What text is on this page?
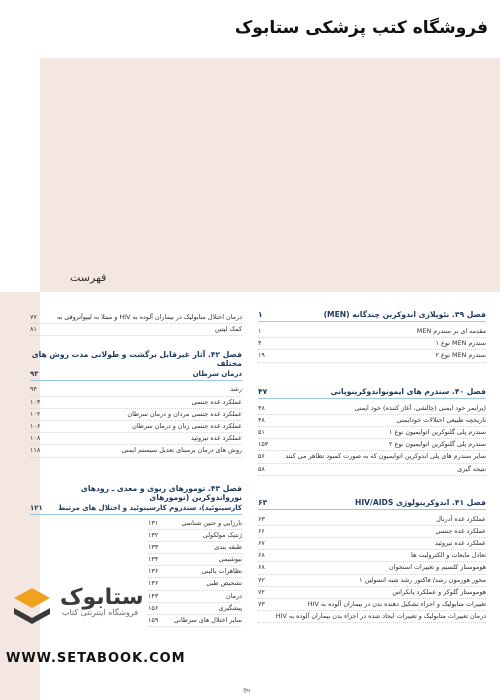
فروشگاه کتب پزشکی ستابوک
فهرست
فصل ۳۹. نئوپلازی اندوکرین چندگانه (MEN)
۱
مقدمه ای بر سندرم MEN
۱
سندرم MEN نوع ۱
۴
سندرم MEN نوع ۲
۱۹
فصل ۴۰. سندرم های ایمونواندوکرینوپاتی
۴۷
(پرایمر خود ایمنی (چالشی، آغاز کننده) خود ایمنی
۴۸
تاریخچه طبیعی اختلالات خودایمنی
۴۸
سندرم پلی گلنوکرین اتوایمیون نوع ۱
۵۱
سندرم پلی گلنوکرین اتوایمیون نوع ۲
۱۵۴
سایر سندرم های پلی اندوکرین اتوایمیون که به صورت کمبود تظاهر می کنند
۵۶
نتیجه گیری
۵۸
فصل ۴۱. اندوکرینولوژی HIV/AIDS
۶۳
عملکرد غده آدرنال
۶۳
عملکرد غده جنسی
۶۶
عملکرد غده تیروئید
۶۷
تعادل مایعات و الکترولیت ها
۶۸
هوموستاز کلسیم و تغییرات استخوان
۶۸
محور هورمون رشد/ فاکتور رشد شبه انسولین ۱
۷۲
هوموستاز گلوکز و عملکرد پانکراس
۷۲
تغییرات متابولیک و اجزاء تشکیل دهنده بدن در بیماران آلوده به HIV
۷۳
درمان تغییرات متابولیک و تغییرات ایجاد شده در اجزاء بدن بیماران آلوده به HIV
درمان اختلال متابولیک در بیماران آلوده به HIV و مبتلا به لیپوآتروفی به
۷۷
کمک لپتین
۸۱
فصل ۴۲. آثار غیرقابل برگشت و طولانی مدت روش های مختلف
درمان سرطان
۹۳
رشد
۹۴
عملکرد غده جنسی
۱۰۳
عملکرد غده جنسی مردان و درمان سرطان
۱۰۲
عملکرد غده جنسی زنان و درمان سرطان
۱۰۶
عملکرد غده تیروئید
۱۰۸
روش های درمان برمبنای تعدیل سیستم ایمنی
۱۱۸
فصل ۴۳. تومورهای ریوی و معدی ـ رودهای نورواندوکرین (تومورهای
کارسینوئید)، سندروم کارسینوئید و اختلال های مرتبط
۱۲۱
تارزایی و جنین شناسی
۱۳۱
ژنتیک مولکولی
۱۳۲
طبقه بندی
۱۳۳
بیوشیمی
۱۳۴
تظاهرات بالینی
۱۳۶
تشخیص طبی
۱۳۶
درمان
۱۴۳
پیشگیری
۱۵۶
سایر اختلال های سرطانی
۱۵۹
ستابوک
فروشگاه اینترنتی کتاب
WWW.SETABOOK.COM
پنج
